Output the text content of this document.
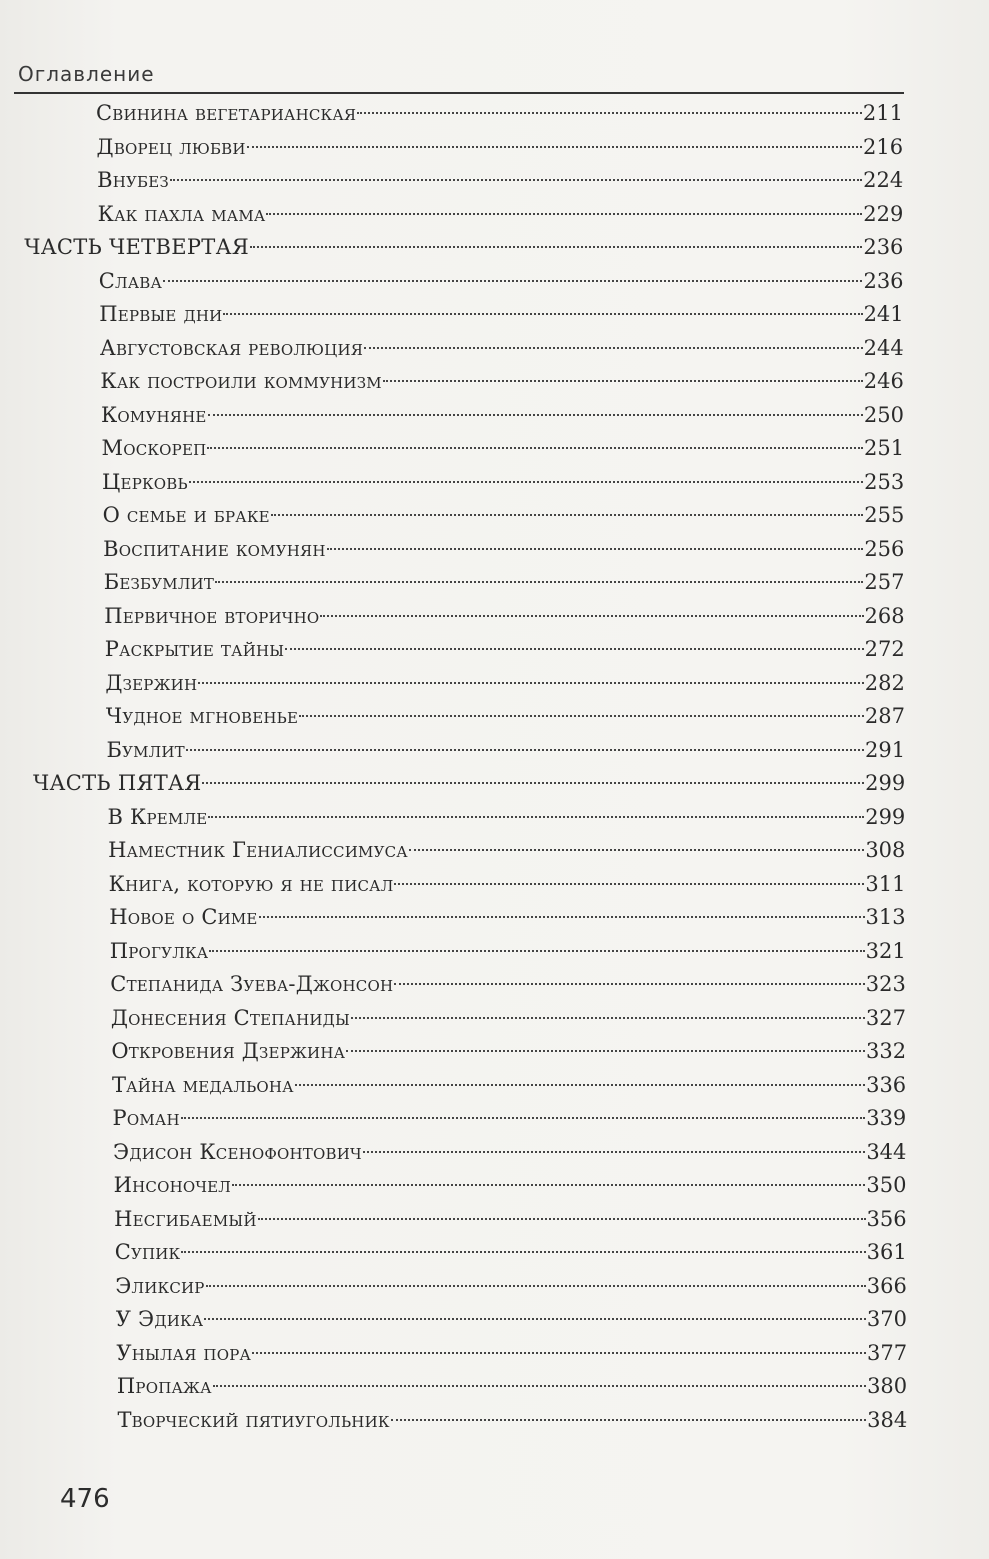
Оглавление
Свинина вегетарианская	211
Дворец любви	216
Внубез	224
Как пахла мама	229
ЧАСТЬ ЧЕТВЕРТАЯ	236
Слава	236
Первые дни	241
Августовская революция	244
Как построили коммунизм	246
Комуняне	250
Москореп	251
Церковь	253
О семье и браке	255
Воспитание комунян	256
Безбумлит	257
Первичное вторично	268
Раскрытие тайны	272
Дзержин	282
Чудное мгновенье	287
Бумлит	291
ЧАСТЬ ПЯТАЯ	299
В Кремле	299
Наместник Гениалиссимуса	308
Книга, которую я не писал	311
Новое о Симе	313
Прогулка	321
Степанида Зуева-Джонсон	323
Донесения Степаниды	327
Откровения Дзержина	332
Тайна медальона	336
Роман	339
Эдисон Ксенофонтович	344
Инсоночел	350
Несгибаемый	356
Супик	361
Эликсир	366
У Эдика	370
Унылая пора	377
Пропажа	380
Творческий пятиугольник	384
476
